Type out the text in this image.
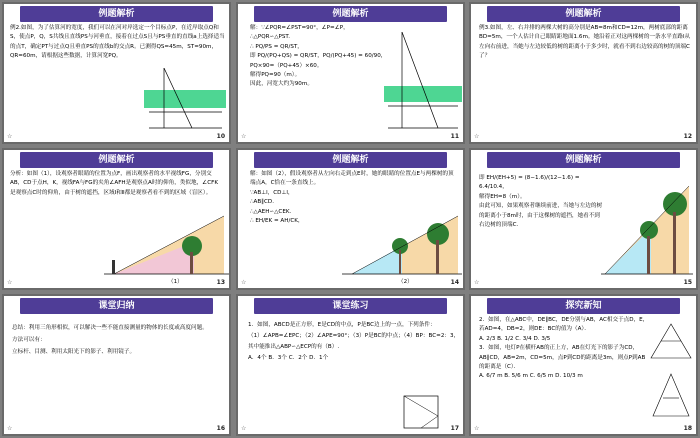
例题解析
例2.如图，为了估算河的宽度，我们可以在河对岸选定一个目标点P，在近岸取点Q和S，使点P，Q，S共线且直线PS与河垂直，接着在过点S且与PS垂直的直线a上选择适当的点T，确定PT与过点Q且垂直PS的直线b的交点R。已测得QS=45m，ST=90m，QR=60m，请根据这些数据，计算河宽PQ。
☆	10
例题解析
解：∵∠PQR=∠PST=90°，∠P=∠P，
∴△PQR∽△PST.
∴ PQ/PS = QR/ST，
即 PQ/(PQ+QS) = QR/ST，PQ/(PQ+45) = 60/90，
PQ×90=（PQ+45）×60。
解得PQ=90（m）。
因此，河宽大约为90m。
☆	11
例题解析
例3.如图，左、右并排的两棵大树的高分别是AB=8m和CD=12m，两树底部的距离BD=5m，一个人估计自己眼睛距地面1.6m。她沿着正对这两棵树的一条水平直路l从左向右前进，当她与左边较低的树的距离小于多少时，就看不到右边较高的树的顶端C了？
☆	12
例题解析
分析：如图（1），设观察者眼睛的位置为点F，画出观察者的水平视线FG，分别交AB，CD于点H，K，视线FA与FG的夹角∠AFH是观察点A时的仰角，类似地，∠CFK是观察点C时的仰角，由于树的遮挡，区域Ⅰ和Ⅱ都是观察者看不到的区域（盲区）。
（1）
☆	13
例题解析
解：如图（2），假设观察者从左向右走到点E时，她的眼睛的位置点E与两棵树的顶端点A，C恰在一条直线上。
∵AB⊥l，CD⊥l，
∴AB∥CD.
∴△AEH∽△CEK.
∴ EH/EK = AH/CK，
（2）
☆	14
例题解析
即 EH/(EH+5) = (8−1.6)/(12−1.6) = 6.4/10.4，
解得EH=8（m）。
由此可知，如果观察者继续前进，当她与左边的树的距离小于8m时，由于这棵树的遮挡，她看不到右边树的顶端C.
☆	15
课堂归纳
总结：利用三角形相似，可以解决一些不能直接测量的物体的长度或高度问题。
方法可以有：
立标杆、目测、利用太阳光下的影子、利用镜子。
☆	16
课堂练习
1．如图，ABCD是正方形，E是CD的中点，P是BC边上的一点，下列条件：
（1）∠APB=∠EPC；（2）∠APE=90°；（3）P是BC的中点；（4）BP：BC=2：3，其中能推出△ABP∽△ECP的有（B）.
A．4个 B．3个 C．2个 D．1个
☆	17
探究新知
2．如图，在△ABC中，DE∥BC，DE分别与AB，AC相交于点D，E，若AD=4，DB=2，则DE：BC的值为（A）．
A. 2/3 B. 1/2 C. 3/4 D. 3/5
3．如图，电灯P在横杆AB的正上方，AB在灯光下的影子为CD，AB∥CD，AB=2m，CD=5m，点P到CD的距离是3m，则点P到AB的距离是（C）．
A. 6/7 m B. 5/6 m C. 6/5 m D. 10/3 m
☆	18
